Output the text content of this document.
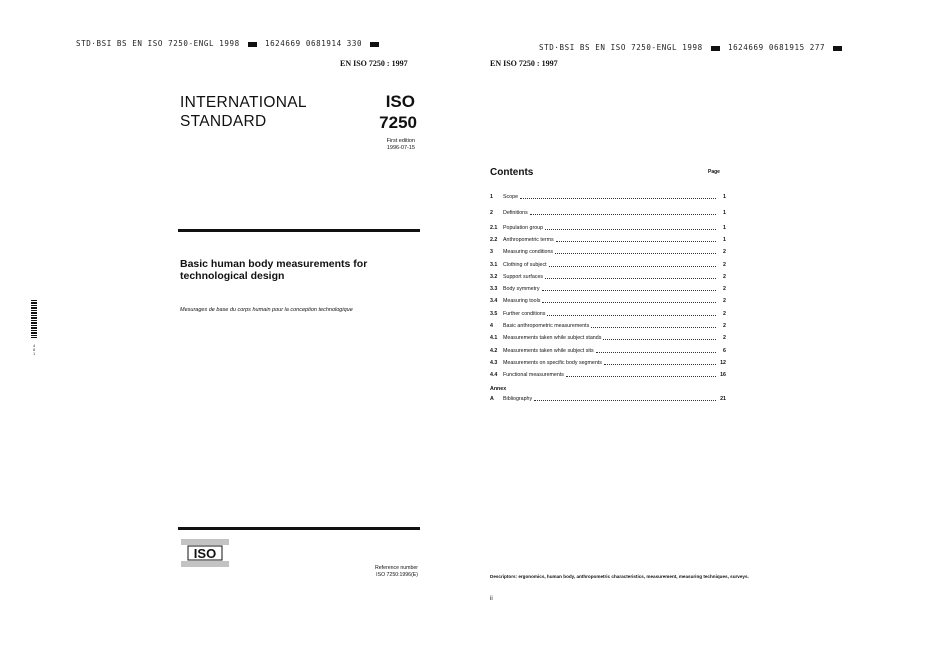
STD·BSI BS EN ISO 7250-ENGL 1998	1624669 0681914 330
EN ISO 7250 : 1997
INTERNATIONAL
STANDARD
ISO
7250
First edition
1996-07-15
Basic human body measurements for technological design
Mesurages de base du corps humain pour la conception technologique
4
8
1
ISO
Reference number
ISO 7250:1996(E)
STD·BSI BS EN ISO 7250-ENGL 1998	1624669 0681915 277
EN ISO 7250 : 1997
Contents	Page
1	Scope	1
2	Definitions	1
2.1	Population group	1
2.2	Anthropometric terms	1
3	Measuring conditions	2
3.1	Clothing of subject	2
3.2	Support surfaces	2
3.3	Body symmetry	2
3.4	Measuring tools	2
3.5	Further conditions	2
4	Basic anthropometric measurements	2
4.1	Measurements taken while subject stands	2
4.2	Measurements taken while subject sits	6
4.3	Measurements on specific body segments	12
4.4	Functional measurements	16
Annex
A	Bibliography	21
Descriptors: ergonomics, human body, anthropometric characteristics, measurement, measuring techniques, surveys.
ii
